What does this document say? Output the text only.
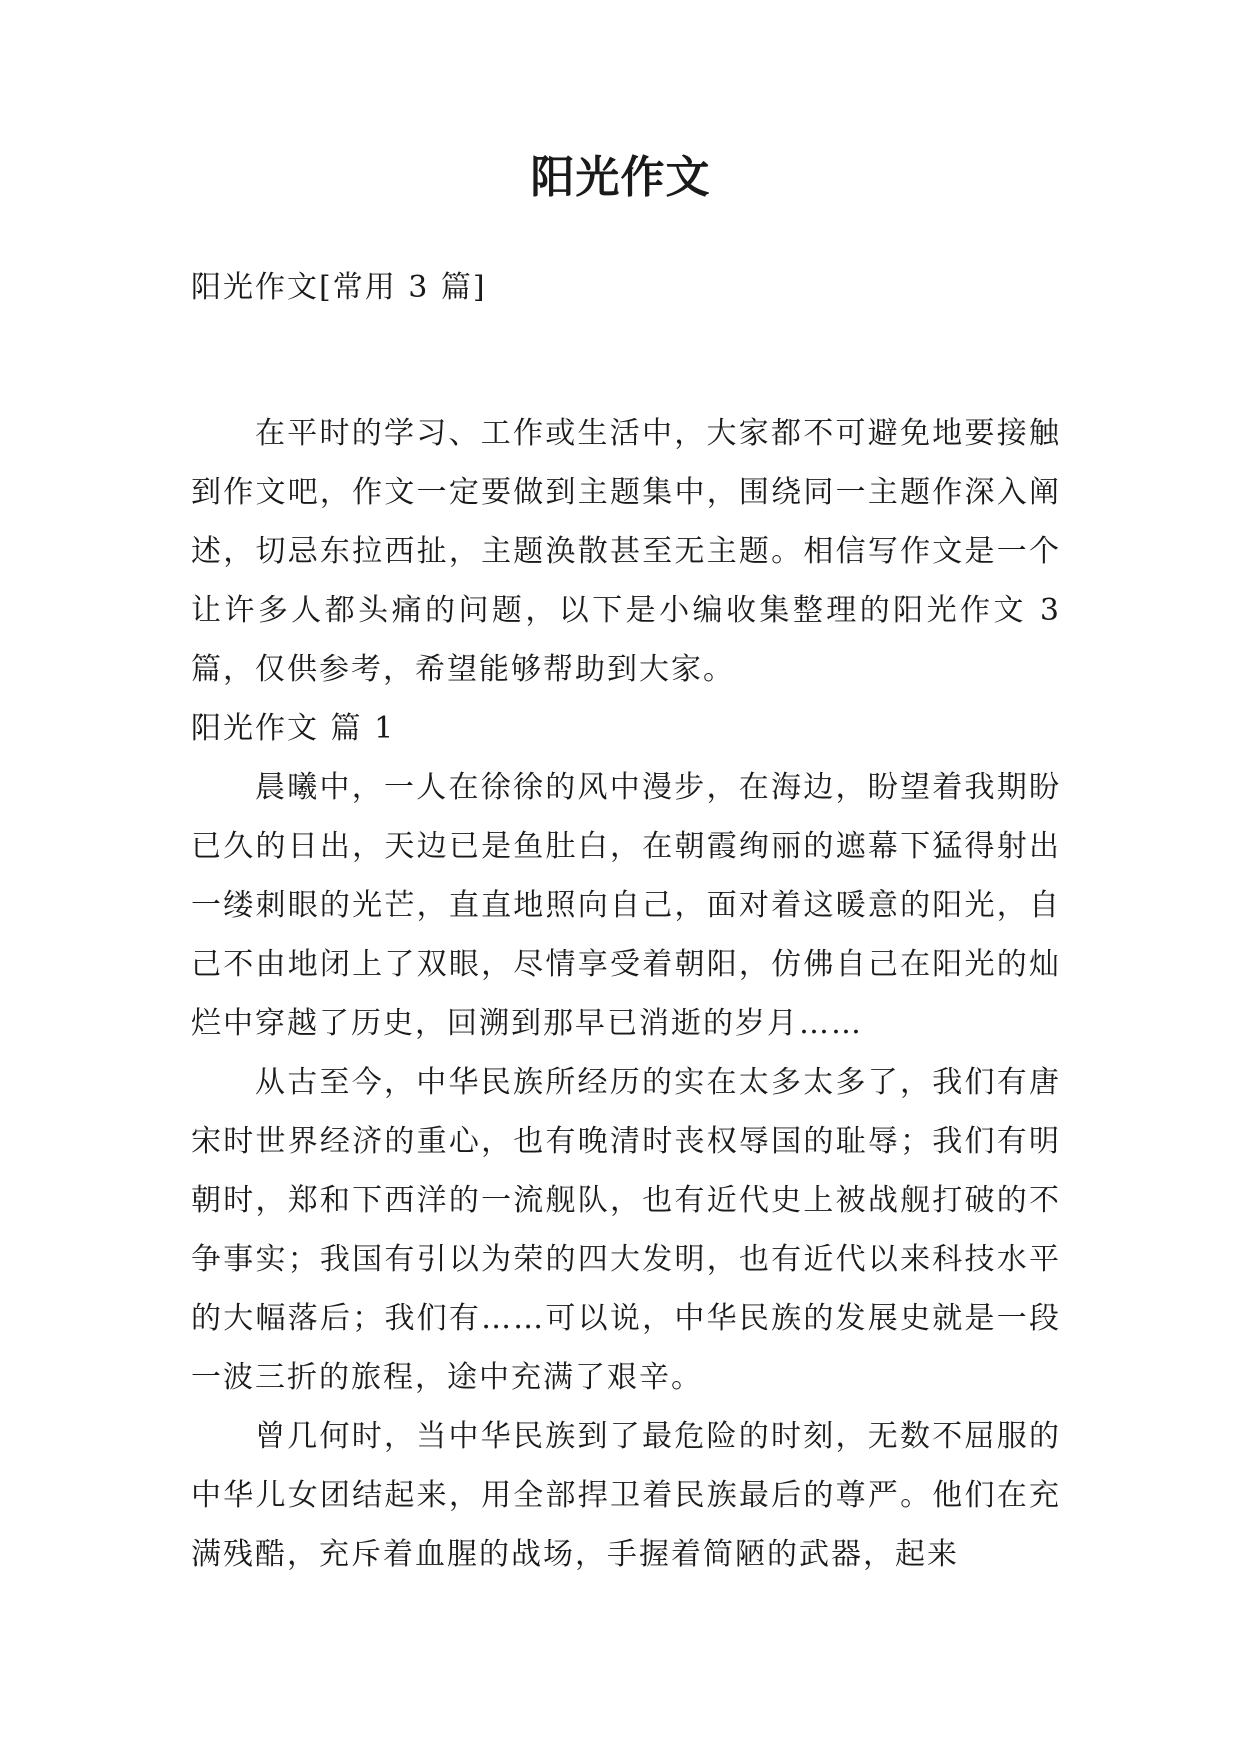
阳光作文
阳光作文[常用 3 篇]

在平时的学习、工作或生活中，大家都不可避免地要接触到作文吧，作文一定要做到主题集中，围绕同一主题作深入阐述，切忌东拉西扯，主题涣散甚至无主题。相信写作文是一个让许多人都头痛的问题，以下是小编收集整理的阳光作文 3 篇，仅供参考，希望能够帮助到大家。

阳光作文 篇 1

晨曦中，一人在徐徐的风中漫步，在海边，盼望着我期盼已久的日出，天边已是鱼肚白，在朝霞绚丽的遮幕下猛得射出一缕刺眼的光芒，直直地照向自己，面对着这暖意的阳光，自己不由地闭上了双眼，尽情享受着朝阳，仿佛自己在阳光的灿烂中穿越了历史，回溯到那早已消逝的岁月……

从古至今，中华民族所经历的实在太多太多了，我们有唐宋时世界经济的重心，也有晚清时丧权辱国的耻辱；我们有明朝时，郑和下西洋的一流舰队，也有近代史上被战舰打破的不争事实；我国有引以为荣的四大发明，也有近代以来科技水平的大幅落后；我们有……可以说，中华民族的发展史就是一段一波三折的旅程，途中充满了艰辛。

曾几何时，当中华民族到了最危险的时刻，无数不屈服的中华儿女团结起来，用全部捍卫着民族最后的尊严。他们在充满残酷，充斥着血腥的战场，手握着简陋的武器，起来
